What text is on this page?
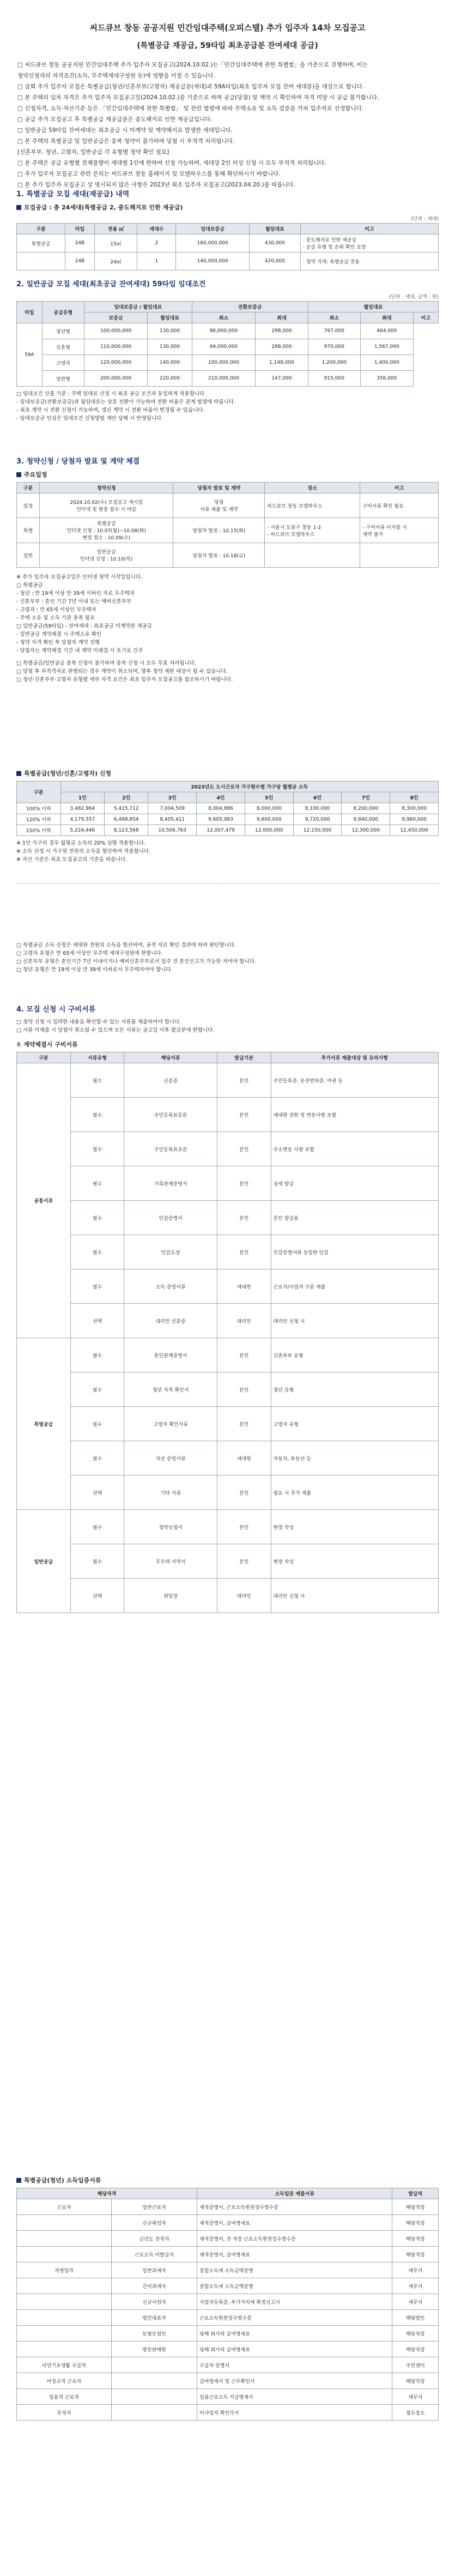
씨드큐브 창동 공공지원 민간임대주택(오피스텔) 추가 입주자 14차 모집공고

(특별공급 재공급, 59타입 최초공급분 잔여세대 공급)

□ 씨드큐브 창동 공공지원 민간임대주택 추가 입주자 모집공고(2024.10.02.)는「민간임대주택에 관한 특별법」을 기준으로 진행하며, 이는

청약신청자의 자격조건(소득, 무주택세대구성원 등)에 영향을 미칠 수 있습니다.

□ 금회 추가 입주자 모집은 특별공급(청년/신혼부부/고령자) 재공급분(세대)과 59A타입(최초 입주자 모집 잔여 세대분)을 대상으로 합니다.

□ 본 주택의 임차 자격은 추가 입주자 모집공고일(2024.10.02.)을 기준으로 하며 공급(당첨) 및 계약 시 확인하여 자격 미달 시 공급 불가합니다.

□ 신청자격, 소득·자산기준 등은 「민간임대주택에 관한 특별법」 및 관련 법령에 따라 주택소유 및 소득 검증을 거쳐 입주자로 선정합니다.

□ 공급 추가 모집공고 후 특별공급 재공급분은 중도해지로 인한 재공급입니다.

□ 일반공급 59타입 잔여세대는 최초공급 시 미계약 및 계약해지로 발생한 세대입니다.

□ 본 주택의 특별공급 및 일반공급은 중복 청약이 불가하며 당첨 시 부적격 처리됩니다.

[신혼부부, 청년, 고령자, 일반공급 각 유형별 청약 확인 필요]

□ 본 주택은 공급 유형별 전체물량이 세대별 1인에 한하여 신청 가능하며, 세대당 2인 이상 신청 시 모두 부적격 처리됩니다.

□ 추가 입주자 모집공고 관련 문의는 씨드큐브 창동 홈페이지 및 모델하우스를 통해 확인하시기 바랍니다.

□ 본 추가 입주자 모집공고 상 명시되지 않은 사항은 2023년 최초 입주자 모집공고(2023.04.20.)를 따릅니다.

1. 특별공급 모집 세대(재공급) 내역

모집공급 : 총 24세대(특별공급 2, 중도해지로 인한 재공급)

(단위 : 세대)
구분	타입	전용 ㎡	세대수	임대보증금	월임대료	비고
특별공급	24B	15㎡	2	160,000,000	430,000	· 중도해지로 인한 재공급
· 공급 유형 및 순위 확인 요망
	24B	24㎡	1	140,000,000	420,000	· 청약 자격: 특별공급 전용

2. 일반공급 모집 세대(최초공급 잔여세대) 59타입 임대조건

(단위 : 세대, 금액 : 원)
타입	공급유형	임대보증금 / 월임대료		전환보증금		월임대료		
		보증금	월임대료	최소	최대	최소	최대	비고
59A	청년형	100,000,000	130,000	86,000,000	298,000	767,000	464,000	
	신혼형	110,000,000	130,000	94,000,000	288,000	970,000	1,567,000	
	고령자	120,000,000	140,000	100,000,000	1,148,000	1,200,000	1,400,000	
	일반형	200,000,000	220,000	210,000,000	147,000	915,000	356,000	

□ 임대조건 산출 기준 : 주택 임대료 산정 시 최초 공급 조건과 동일하게 적용합니다.

- 임대보증금(전환보증금)과 월임대료는 상호 전환이 가능하며 전환 비율은 관계 법령에 따릅니다.

- 최초 계약 시 전환 신청이 가능하며, 갱신 계약 시 전환 비율이 변경될 수 있습니다.

- 임대보증금 인상은 임대조건 신청방법 재안 당해 시 반영됩니다.

3. 청약신청 / 당첨자 발표 및 계약 체결

주요일정

구분	청약신청	당첨자 발표 및 계약	장소	비고
일정	2024.10.02(수) 모집공고 게시일
인터넷 및 현장 접수 시 마감	당첨
서류 제출 및 계약	씨드큐브 창동 모델하우스	구비서류 확인 필요
특별	특별공급
인터넷 신청 : 10.07(월)~10.08(화)
현장 접수 : 10.09(수)	당첨자 발표 : 10.15(화)	- 서울시 도봉구 창동 1-2
- 씨드큐브 모델하우스	- 구비서류 미지참 시
계약 불가
일반	일반공급
인터넷 신청 : 10.10(목)	당첨자 발표 : 10.18(금)		

※ 추가 입주자 모집공고일은 인터넷 청약 시작일입니다.

□ 특별공급

- 청년 : 만 19세 이상 만 39세 이하인 자로 무주택자

- 신혼부부 : 혼인 기간 7년 이내 또는 예비신혼부부

- 고령자 : 만 65세 이상인 무주택자

- 주택 소유 및 소득 기준 충족 필요

□ 일반공급(59타입) - 잔여세대 : 최초공급 미계약분 재공급

- 일반공급 계약체결 시 주택소유 확인

- 청약 자격 확인 후 당첨자 계약 진행

- 당첨자는 계약체결 기간 내 계약 미체결 시 포기로 간주

□ 특별공급/일반공급 중복 신청이 불가하며 중복 신청 시 모두 무효 처리됩니다.

□ 당첨 후 부적격자로 판명되는 경우 계약이 취소되며, 향후 청약 제한 대상이 될 수 있습니다.

□ 청년·신혼부부·고령자 유형별 세부 자격 요건은 최초 입주자 모집공고를 참조하시기 바랍니다.

특별공급(청년/신혼/고령자) 신청

구분	2023년도 도시근로자 가구원수별 가구당 월평균 소득							
	1인	2인	3인	4인	5인	6인	7인	8인
100% 이하	3,482,964	5,415,712	7,004,509	8,004,986	8,000,000	8,100,000	8,200,000	8,300,000
120% 이하	4,179,557	6,498,854	8,405,411	9,605,983	9,600,000	9,720,000	9,840,000	9,960,000
150% 이하	5,224,446	8,123,568	10,506,763	12,007,479	12,000,000	12,150,000	12,300,000	12,450,000

※ 1인 가구의 경우 월평균 소득의 20% 상향 적용합니다.

※ 소득 산정 시 가구원 전원의 소득을 합산하여 적용합니다.

※ 자산 기준은 최초 모집공고의 기준을 따릅니다.

□ 특별공급 소득 산정은 세대원 전원의 소득을 합산하며, 공적 자료 확인 결과에 따라 판단합니다.

□ 고령자 유형은 만 65세 이상인 무주택 세대구성원에 한합니다.

□ 신혼부부 유형은 혼인기간 7년 이내이거나 예비신혼부부로서 입주 전 혼인신고가 가능한 자여야 합니다.

□ 청년 유형은 만 19세 이상 만 39세 이하로서 무주택자여야 합니다.

4. 모집 신청 시 구비서류

□ 청약 신청 시 입력한 내용을 확인할 수 있는 서류를 제출하여야 합니다.

□ 서류 미제출 시 당첨이 취소될 수 있으며 모든 서류는 공고일 이후 발급분에 한합니다.

① 계약체결시 구비서류

구분	서류유형	해당서류	발급기준	추가서류 제출대상 및 유의사항
공통서류	필수	신분증	본인	주민등록증, 운전면허증, 여권 등
	필수	주민등록표등본	본인	세대원 전원 및 변동사항 포함
	필수	주민등록표초본	본인	주소변동 사항 포함
	필수	가족관계증명서	본인	상세 발급
	필수	인감증명서	본인	본인 발급용
	필수	인감도장	본인	인감증명서와 동일한 인감
	필수	소득 증빙서류	세대원	근로자/사업자 구분 제출
	선택	대리인 신분증	대리인	대리인 신청 시
특별공급	필수	혼인관계증명서	본인	신혼부부 유형
	필수	청년 자격 확인서	본인	청년 유형
	필수	고령자 확인서류	본인	고령자 유형
	필수	자산 증빙서류	세대원	자동차, 부동산 등
	선택	기타 서류	본인	필요 시 추가 제출
일반공급	필수	청약신청서	본인	현장 작성
	필수	무주택 서약서	본인	현장 작성
	선택	위임장	대리인	대리인 신청 시

특별공급(청년) 소득입증서류

해당자격		소득입증 제출서류	발급처
근로자	일반근로자	재직증명서, 근로소득원천징수영수증	해당직장
	신규취업자	재직증명서, 급여명세표	해당직장
	금년도 전직자	재직증명서, 전 직장 근로소득원천징수영수증	해당직장
	근로소득 미발급자	재직증명서, 급여명세표	해당직장
자영업자	일반과세자	종합소득세 소득금액증명	세무서
	간이과세자	종합소득세 소득금액증명	세무서
	신규사업자	사업자등록증, 부가가치세 확정신고서	세무서
	법인대표자	근로소득원천징수영수증	해당법인
	보험모집인	당해 회사의 급여명세표	해당직장
	방문판매원	당해 회사의 급여명세표	해당직장
국민기초생활 수급자		수급자 증명서	주민센터
비정규직 근로자		급여명세서 및 근무확인서	해당직장
일용직 근로자		일용근로소득 지급명세서	세무서
무직자		비사업자 확인각서	접수장소
